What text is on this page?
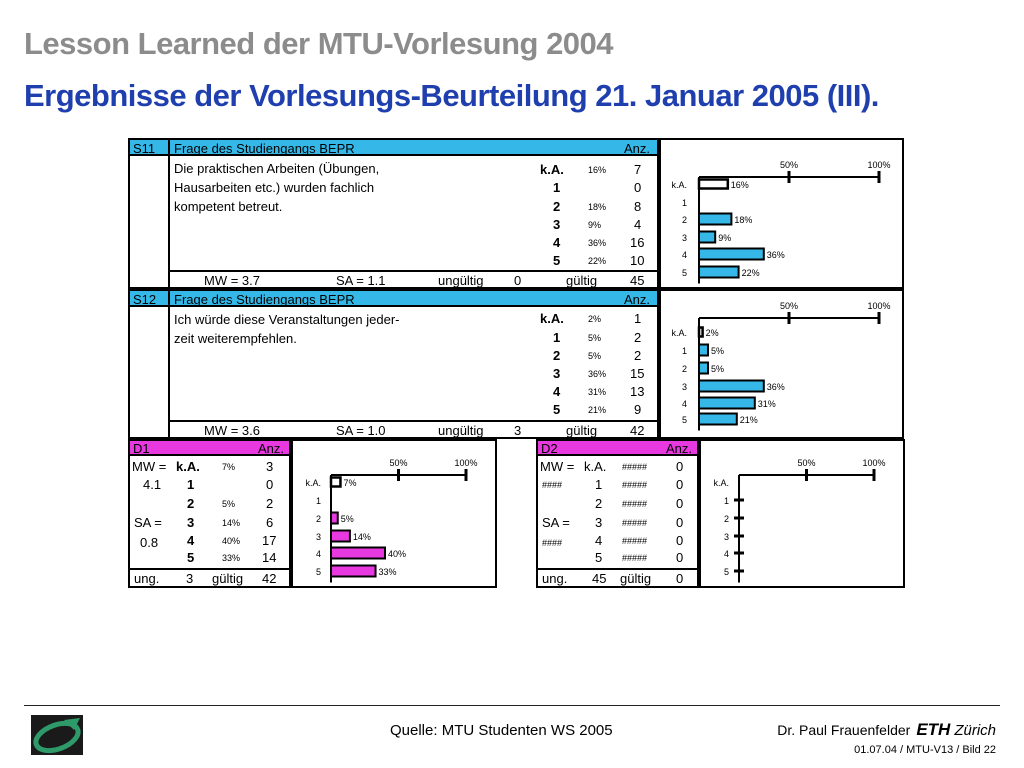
Lesson Learned der MTU-Vorlesung 2004
Ergebnisse der Vorlesungs-Beurteilung 21. Januar 2005 (III).
S11 Frage des Studiengangs BEPR	Anz.
Die praktischen Arbeiten (Übungen,
Hausarbeiten etc.) wurden fachlich
kompetent betreut.
k.A.	16% 7
1	0
2	18% 8
3	9%	4
4	36% 16
5	22% 10
MW = 3.7	SA = 1.1	ungültig 0	gültig	45
S12 Frage des Studiengangs BEPR	Anz.
Ich würde diese Veranstaltungen jeder-
zeit weiterempfehlen.
k.A.	2%	1
1	5%	2
2	5%	2
3	36% 15
4	31% 13
5	21% 9
MW = 3.6	SA = 1.0	ungültig 3	gültig	42
D1	Anz.
MW =
4.1
SA =
0.8
k.A. 7% 3
1	0
2	5% 2
3	14% 6
4	40% 17
5	33% 14
ung. 3 gültig 42
D2	Anz.
MW =
####
SA =
####
k.A. ##### 0
1 ##### 0
2 ##### 0
3 ##### 0
4 ##### 0
5 ##### 0
ung. 45 gültig 0
50%	100%
k.A.	16%
1
2	18%
3	9%
4	36%
5	22%
50%	100%
k.A. 2%
1	5%
2	5%
3	36%
4	31%
5	21%
50%	100%
k.A. 7%
1
2 5%
3	14%
4	40%
5	33%
50%	100%
k.A.
1
2
3
4
5
Quelle: MTU Studenten WS 2005	Dr. Paul Frauenfelder ETH Zürich
01.07.04 / MTU-V13 / Bild 22
